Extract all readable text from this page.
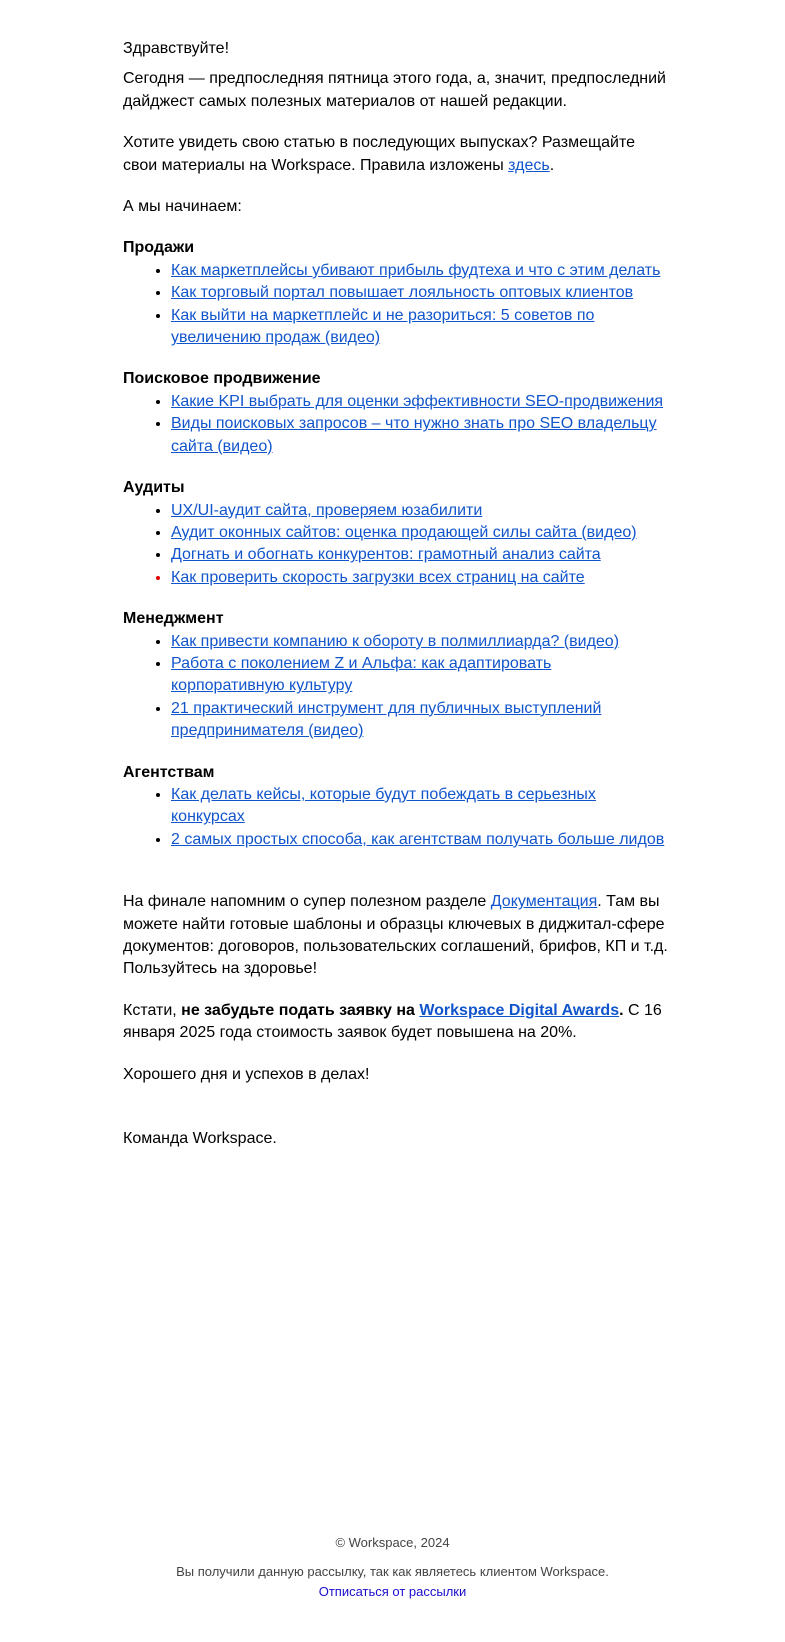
Здравствуйте!

Сегодня — предпоследняя пятница этого года, а, значит, предпоследний дайджест самых полезных материалов от нашей редакции.

Хотите увидеть свою статью в последующих выпусках? Размещайте свои материалы на Workspace. Правила изложены здесь.

А мы начинаем:

Продажи
• Как маркетплейсы убивают прибыль фудтеха и что с этим делать
• Как торговый портал повышает лояльность оптовых клиентов
• Как выйти на маркетплейс и не разориться: 5 советов по увеличению продаж (видео)
Поисковое продвижение
• Какие KPI выбрать для оценки эффективности SEO-продвижения
• Виды поисковых запросов – что нужно знать про SEO владельцу сайта (видео)
Аудиты
• UX/UI-аудит сайта, проверяем юзабилити
• Аудит оконных сайтов: оценка продающей силы сайта (видео)
• Догнать и обогнать конкурентов: грамотный анализ сайта
• Как проверить скорость загрузки всех страниц на сайте
Менеджмент
• Как привести компанию к обороту в полмиллиарда? (видео)
• Работа с поколением Z и Альфа: как адаптировать корпоративную культуру
• 21 практический инструмент для публичных выступлений предпринимателя (видео)
Агентствам
• Как делать кейсы, которые будут побеждать в серьезных конкурсах
• 2 самых простых способа, как агентствам получать больше лидов

На финале напомним о супер полезном разделе Документация. Там вы можете найти готовые шаблоны и образцы ключевых в диджитал-сфере документов: договоров, пользовательских соглашений, брифов, КП и т.д. Пользуйтесь на здоровье!

Кстати, не забудьте подать заявку на Workspace Digital Awards. С 16 января 2025 года стоимость заявок будет повышена на 20%.

Хорошего дня и успехов в делах!

Команда Workspace.

© Workspace, 2024
Вы получили данную рассылку, так как являетесь клиентом Workspace.
Отписаться от рассылки
